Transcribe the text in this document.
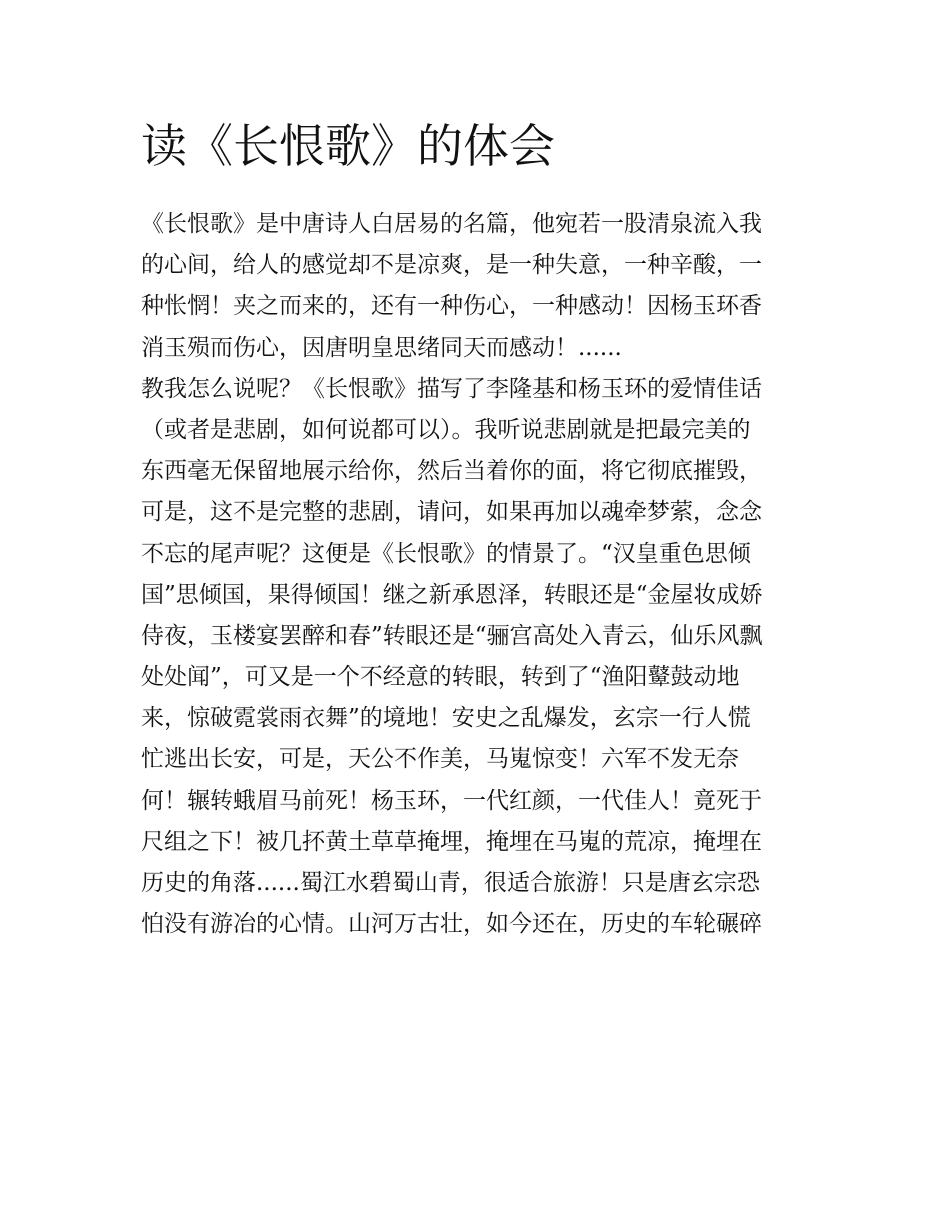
读《长恨歌》的体会
《长恨歌》是中唐诗人白居易的名篇，他宛若一股清泉流入我
的心间，给人的感觉却不是凉爽，是一种失意，一种辛酸，一
种怅惘！夹之而来的，还有一种伤心，一种感动！因杨玉环香
消玉殒而伤心，因唐明皇思绪同天而感动！......
教我怎么说呢？《长恨歌》描写了李隆基和杨玉环的爱情佳话
（或者是悲剧，如何说都可以）。我听说悲剧就是把最完美的
东西毫无保留地展示给你，然后当着你的面，将它彻底摧毁，
可是，这不是完整的悲剧，请问，如果再加以魂牵梦萦，念念
不忘的尾声呢？这便是《长恨歌》的情景了。“汉皇重色思倾
国”思倾国，果得倾国！继之新承恩泽，转眼还是“金屋妆成娇
侍夜，玉楼宴罢醉和春”转眼还是“骊宫高处入青云，仙乐风飘
处处闻”，可又是一个不经意的转眼，转到了“渔阳鼙鼓动地
来，惊破霓裳雨衣舞”的境地！安史之乱爆发，玄宗一行人慌
忙逃出长安，可是，天公不作美，马嵬惊变！六军不发无奈
何！辗转蛾眉马前死！杨玉环，一代红颜，一代佳人！竟死于
尺组之下！被几抔黄土草草掩埋，掩埋在马嵬的荒凉，掩埋在
历史的角落......蜀江水碧蜀山青，很适合旅游！只是唐玄宗恐
怕没有游冶的心情。山河万古壮，如今还在，历史的车轮碾碎
